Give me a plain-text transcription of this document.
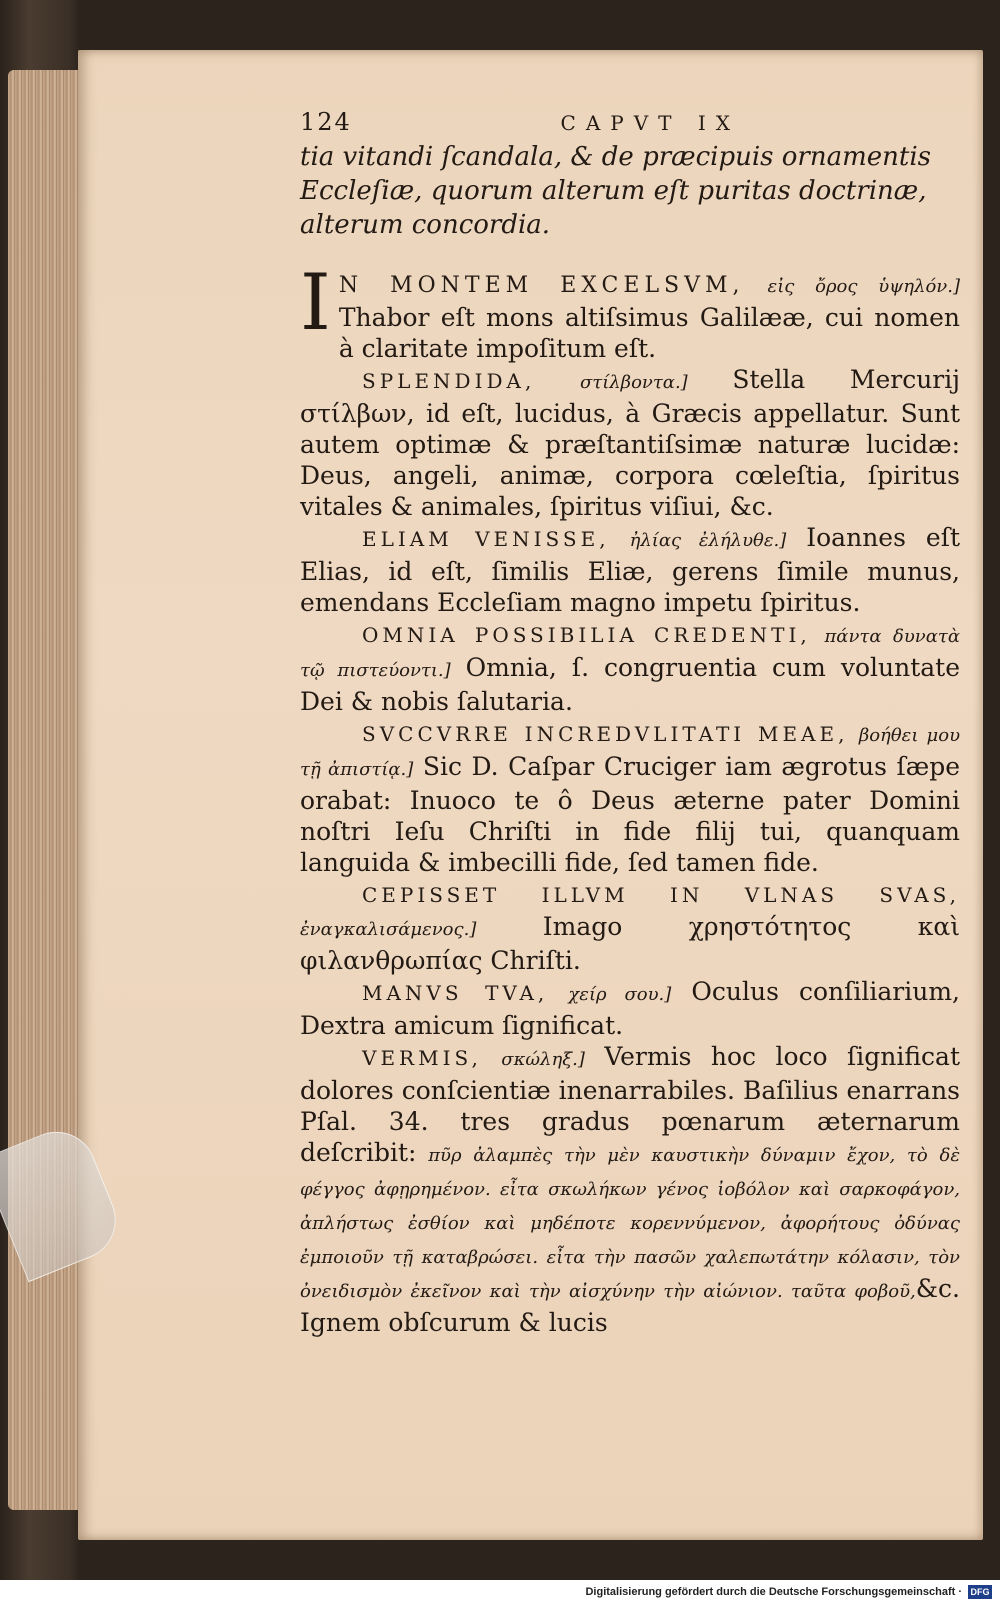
124	CAPVT IX
tia vitandi ſcandala, & de præcipuis ornamentis Eccleſiæ, quorum alterum eſt puritas doctrinæ, alterum concordia.

I N MONTEM EXCELSVM, εἰς ὄρος ὑψηλόν.] Thabor eſt mons altiſsimus Galilææ, cui nomen à claritate impoſitum eſt.

SPLENDIDA, στίλβοντα.] Stella Mercurij στίλβων, id eſt, lucidus, à Græcis appellatur. Sunt autem optimæ & præſtantiſsimæ naturæ lucidæ: Deus, angeli, animæ, corpora cœleſtia, ſpiritus vitales & animales, ſpiritus viſiui, &c.

ELIAM VENISSE, ἠλίας ἐλήλυθε.] Ioannes eſt Elias, id eſt, ſimilis Eliæ, gerens ſimile munus, emendans Eccleſiam magno impetu ſpiritus.

OMNIA POSSIBILIA CREDENTI, πάντα δυνατὰ τῷ πιστεύοντι.] Omnia, ſ. congruentia cum voluntate Dei & nobis ſalutaria.

SVCCVRRE INCREDVLITATI MEAE, βοήθει μου τῇ ἀπιστίᾳ.] Sic D. Caſpar Cruciger iam ægrotus ſæpe orabat: Inuoco te ô Deus æterne pater Domini noſtri Ieſu Chriſti in fide filij tui, quanquam languida & imbecilli fide, ſed tamen fide.

CEPISSET ILLVM IN VLNAS SVAS, ἐναγκαλισάμενος.] Imago χρηστότητος καὶ φιλανθρωπίας Chriſti.

MANVS TVA, χείρ σου.] Oculus conſiliarium, Dextra amicum ſignificat.

VERMIS, σκώληξ.] Vermis hoc loco ſignificat dolores conſcientiæ inenarrabiles. Baſilius enarrans Pſal. 34. tres gradus pœnarum æternarum deſcribit: πῦρ ἀλαμπὲς τὴν μὲν καυστικὴν δύναμιν ἔχον, τὸ δὲ φέγγος ἀφῃρημένον. εἶτα σκωλήκων γένος ἰοβόλον καὶ σαρκοφάγον, ἀπλήστως ἐσθίον καὶ μηδέποτε κορεννύμενον, ἀφορήτους ὀδύνας ἐμποιοῦν τῇ καταβρώσει. εἶτα τὴν πασῶν χαλεπωτάτην κόλασιν, τὸν ὀνειδισμὸν ἐκεῖνον καὶ τὴν αἰσχύνην τὴν αἰώνιον. ταῦτα φοβοῦ,&c. Ignem obſcurum & lucis

Digitalisierung gefördert durch die Deutsche Forschungsgemeinschaft · DFG
